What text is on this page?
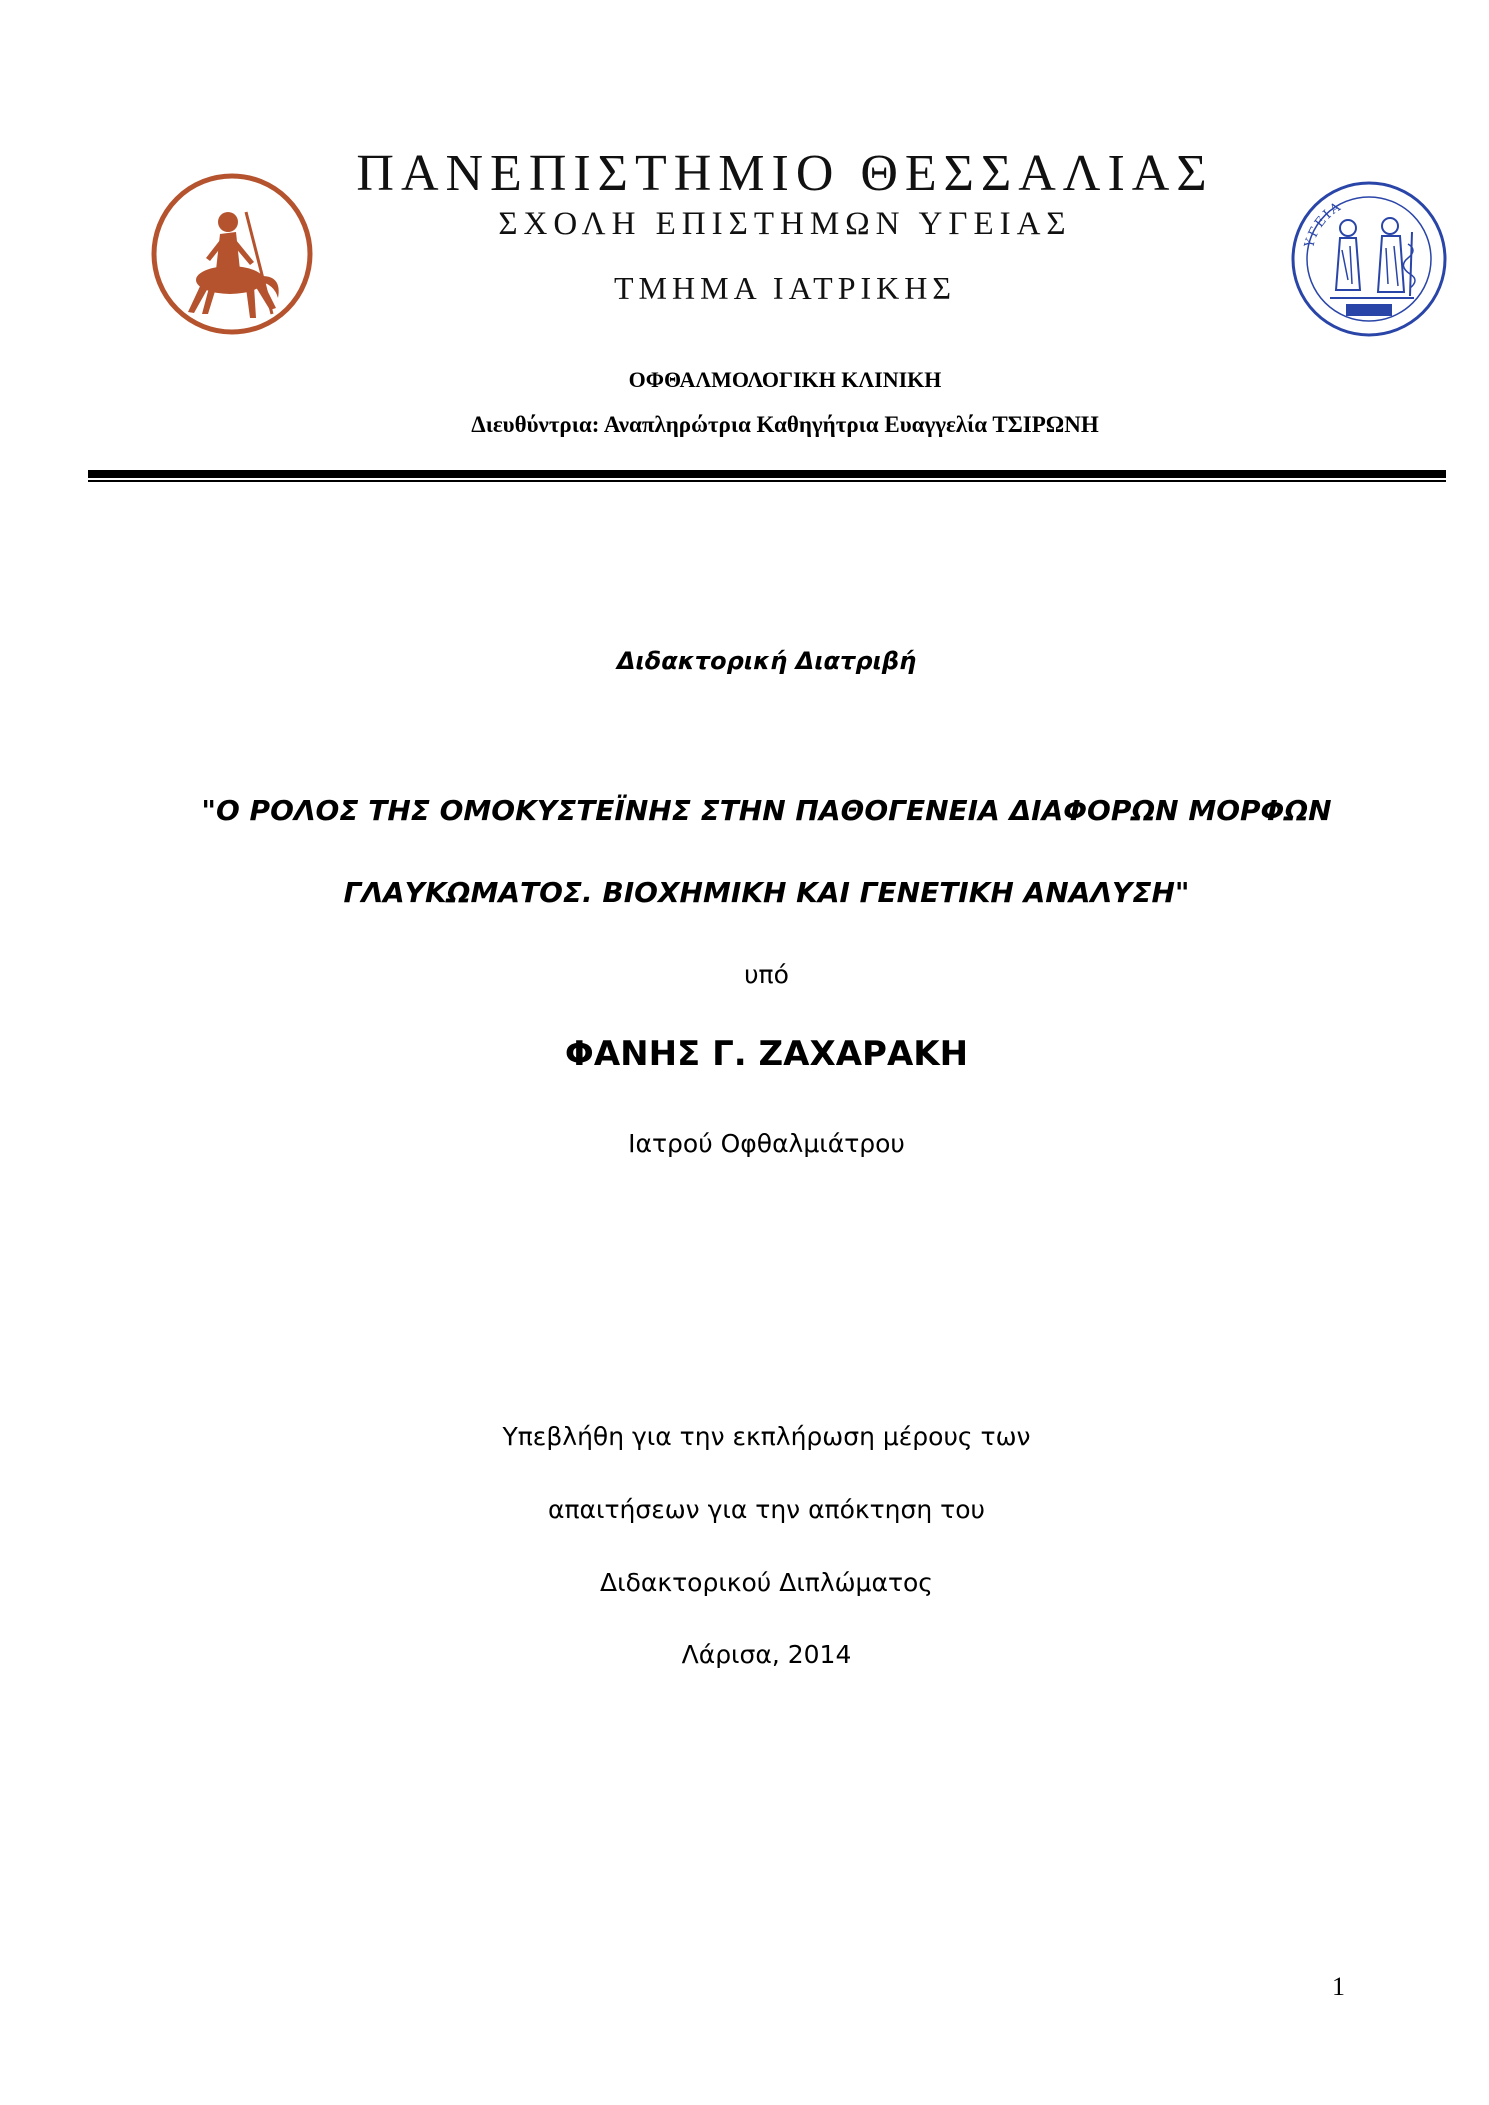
ΥΓΕΙΑ
ΠΑΝΕΠΙΣΤΗΜΙΟ ΘΕΣΣΑΛΙΑΣ
ΣΧΟΛΗ ΕΠΙΣΤΗΜΩΝ ΥΓΕΙΑΣ
ΤΜΗΜΑ ΙΑΤΡΙΚΗΣ
ΟΦΘΑΛΜΟΛΟΓΙΚΗ ΚΛΙΝΙΚΗ
Διευθύντρια: Αναπληρώτρια Καθηγήτρια Ευαγγελία ΤΣΙΡΩΝΗ
Διδακτορική Διατριβή
"Ο ΡΟΛΟΣ ΤΗΣ ΟΜΟΚΥΣΤΕΪΝΗΣ ΣΤΗΝ ΠΑΘΟΓΕΝΕΙΑ ΔΙΑΦΟΡΩΝ ΜΟΡΦΩΝ
ΓΛΑΥΚΩΜΑΤΟΣ. ΒΙΟΧΗΜΙΚΗ ΚΑΙ ΓΕΝΕΤΙΚΗ ΑΝΑΛΥΣΗ"
υπό
ΦΑΝΗΣ Γ. ΖΑΧΑΡΑΚΗ
Ιατρού Οφθαλμιάτρου
Υπεβλήθη για την εκπλήρωση μέρους των
απαιτήσεων για την απόκτηση του
Διδακτορικού Διπλώματος
Λάρισα, 2014
1
